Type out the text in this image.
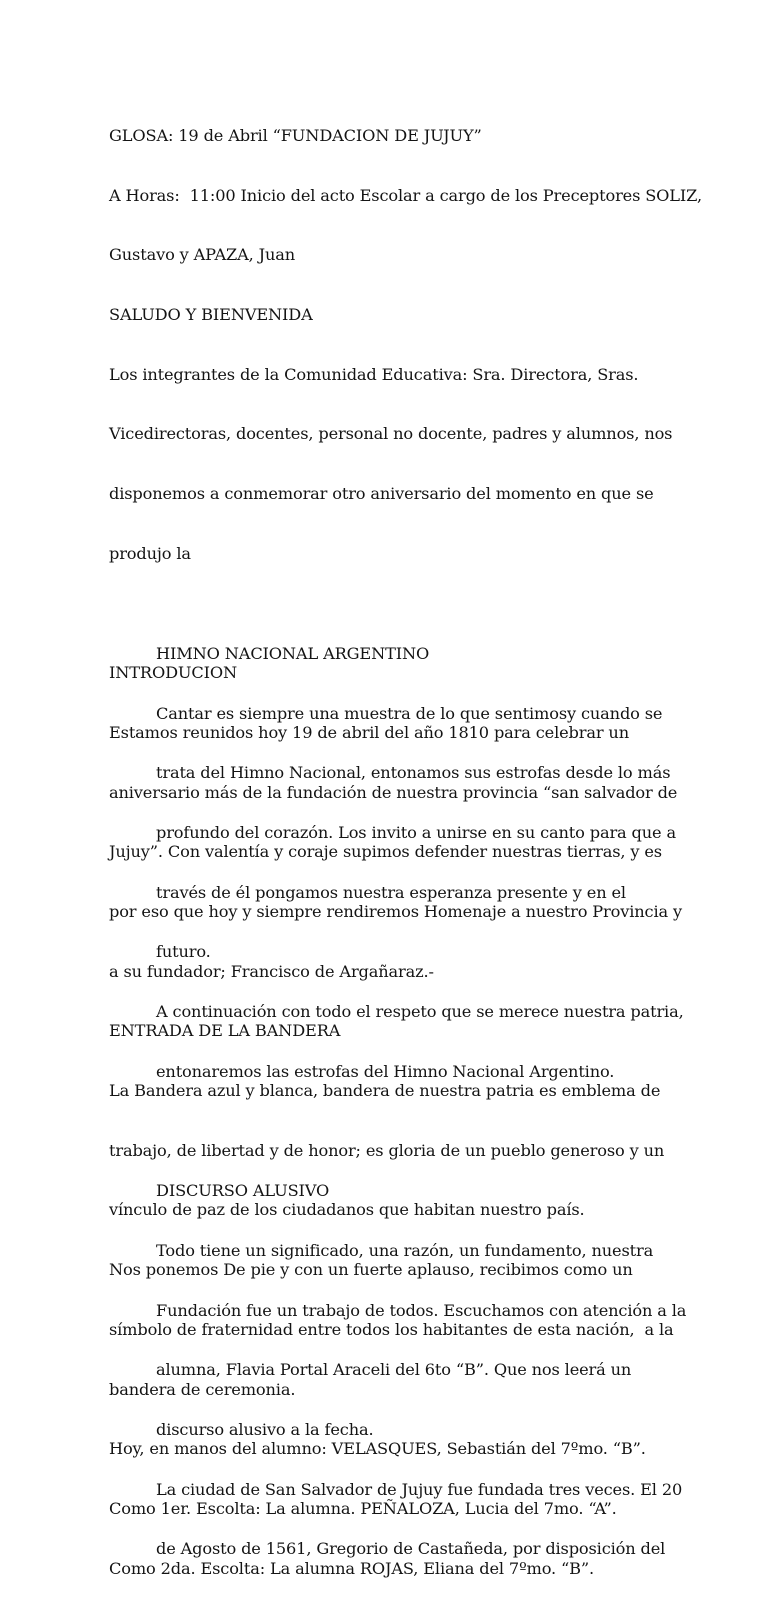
GLOSA: 19 de Abril “FUNDACION DE JUJUY”

A Horas:  11:00 Inicio del acto Escolar a cargo de los Preceptores SOLIZ,

Gustavo y APAZA, Juan

SALUDO Y BIENVENIDA

Los integrantes de la Comunidad Educativa: Sra. Directora, Sras.

Vicedirectoras, docentes, personal no docente, padres y alumnos, nos

disponemos a conmemorar otro aniversario del momento en que se

produjo la

INTRODUCION

Estamos reunidos hoy 19 de abril del año 1810 para celebrar un

aniversario más de la fundación de nuestra provincia “san salvador de

Jujuy”. Con valentía y coraje supimos defender nuestras tierras, y es

por eso que hoy y siempre rendiremos Homenaje a nuestro Provincia y

a su fundador; Francisco de Argañaraz.-

ENTRADA DE LA BANDERA

La Bandera azul y blanca, bandera de nuestra patria es emblema de

trabajo, de libertad y de honor; es gloria de un pueblo generoso y un

vínculo de paz de los ciudadanos que habitan nuestro país.

Nos ponemos De pie y con un fuerte aplauso, recibimos como un

símbolo de fraternidad entre todos los habitantes de esta nación,  a la

bandera de ceremonia.

Hoy, en manos del alumno: VELASQUES, Sebastián del 7ºmo. “B”.

Como 1er. Escolta: La alumna. PEÑALOZA, Lucia del 7mo. “A”.

Como 2da. Escolta: La alumna ROJAS, Eliana del 7ºmo. “B”.

HIMNO NACIONAL ARGENTINO

Cantar es siempre una muestra de lo que sentimosy cuando se

trata del Himno Nacional, entonamos sus estrofas desde lo más

profundo del corazón. Los invito a unirse en su canto para que a

través de él pongamos nuestra esperanza presente y en el

futuro.

A continuación con todo el respeto que se merece nuestra patria,

entonaremos las estrofas del Himno Nacional Argentino.

DISCURSO ALUSIVO

Todo tiene un significado, una razón, un fundamento, nuestra

Fundación fue un trabajo de todos. Escuchamos con atención a la

alumna, Flavia Portal Araceli del 6to “B”. Que nos leerá un

discurso alusivo a la fecha.

La ciudad de San Salvador de Jujuy fue fundada tres veces. El 20

de Agosto de 1561, Gregorio de Castañeda, por disposición del
